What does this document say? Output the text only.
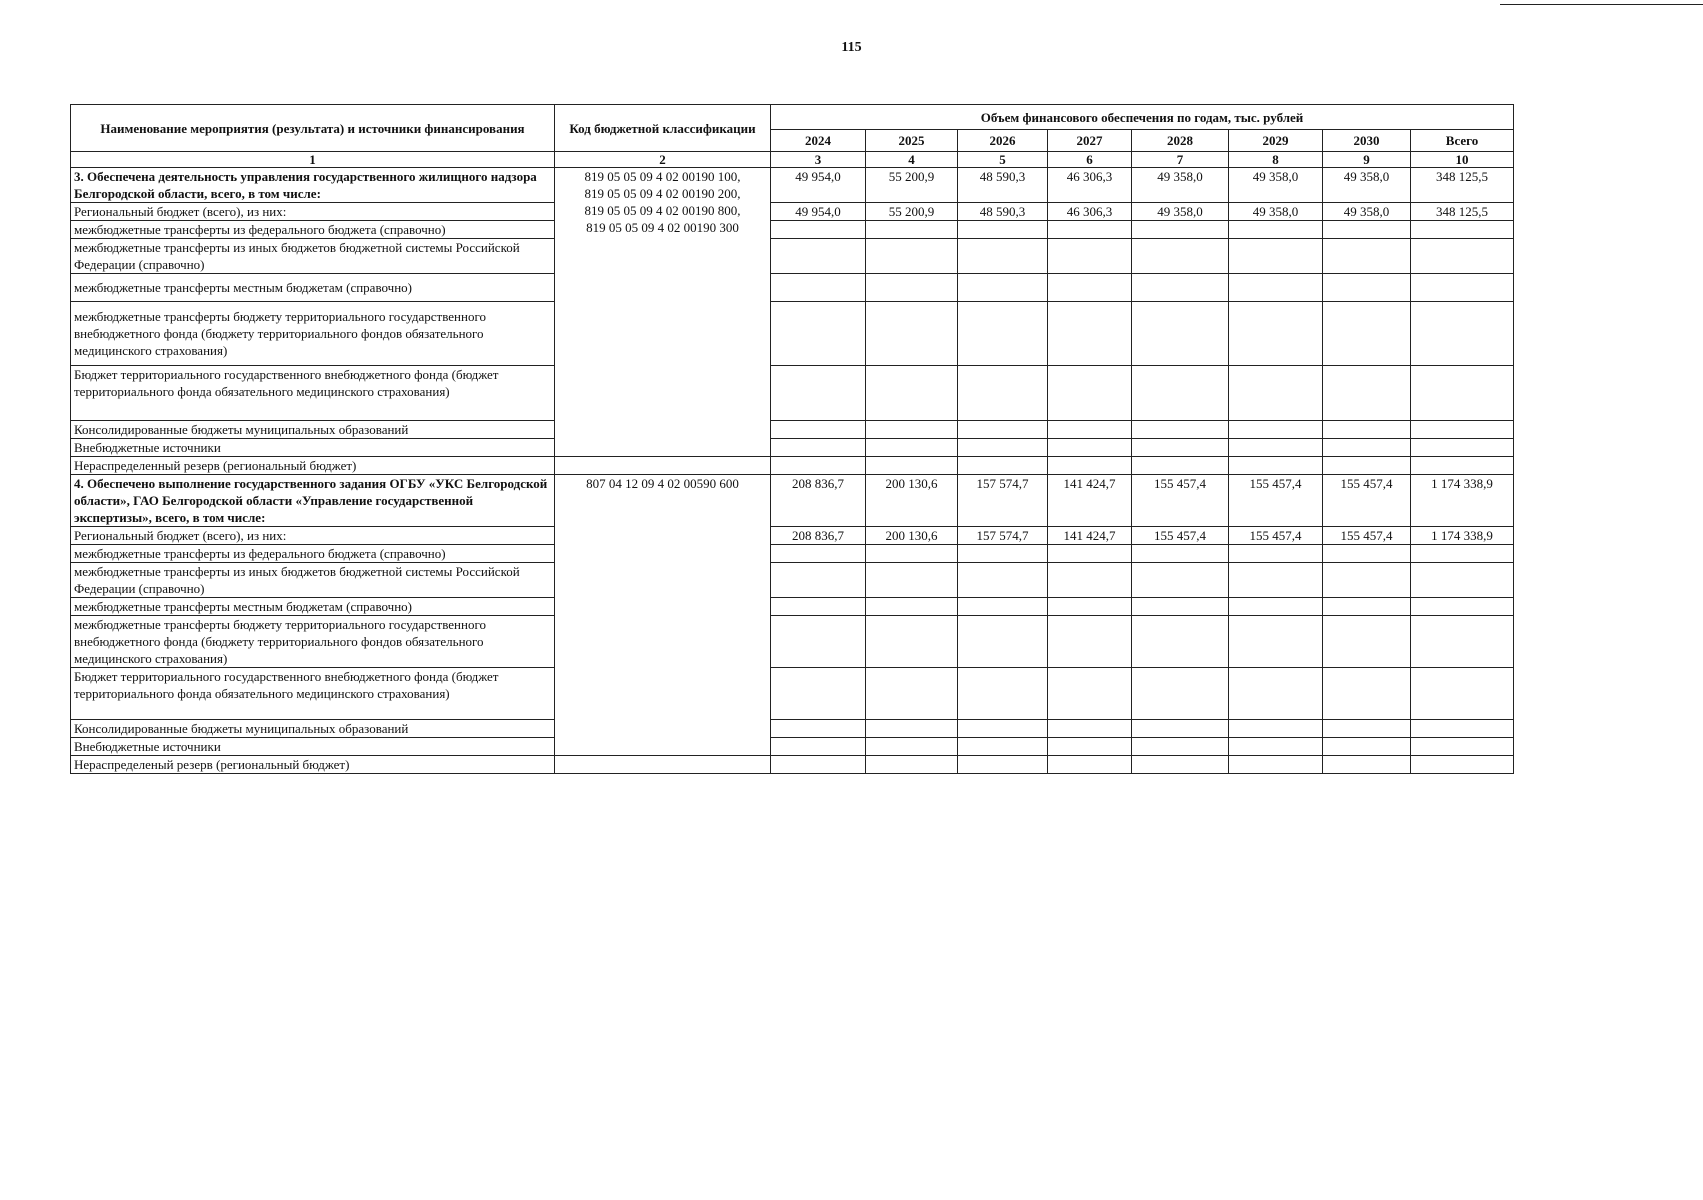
115
Наименование мероприятия (результата) и источники финансирования	Код бюджетной классификации	Объем финансового обеспечения по годам, тыс. рублей							
		2024	2025	2026	2027	2028	2029	2030	Всего
1	2	3	4	5	6	7	8	9	10
3. Обеспечена деятельность управления государственного жилищного надзора Белгородской области, всего, в том числе:	819 05 05 09 4 02 00190 100,
819 05 05 09 4 02 00190 200,
819 05 05 09 4 02 00190 800,
819 05 05 09 4 02 00190 300	49 954,0	55 200,9	48 590,3	46 306,3	49 358,0	49 358,0	49 358,0	348 125,5
Региональный бюджет (всего), из них:		49 954,0	55 200,9	48 590,3	46 306,3	49 358,0	49 358,0	49 358,0	348 125,5
межбюджетные трансферты из федерального бюджета (справочно)									
межбюджетные трансферты из иных бюджетов бюджетной системы Российской Федерации (справочно)									
межбюджетные трансферты местным бюджетам (справочно)									
межбюджетные трансферты бюджету территориального государственного внебюджетного фонда (бюджету территориального фондов обязательного медицинского страхования)									
Бюджет территориального государственного внебюджетного фонда (бюджет территориального фонда обязательного медицинского страхования)									
Консолидированные бюджеты муниципальных образований									
Внебюджетные источники									
Нераспределенный резерв (региональный бюджет)									
4. Обеспечено выполнение государственного задания ОГБУ «УКС Белгородской области», ГАО Белгородской области «Управление государственной экспертизы», всего, в том числе:	807 04 12 09 4 02 00590 600	208 836,7	200 130,6	157 574,7	141 424,7	155 457,4	155 457,4	155 457,4	1 174 338,9
Региональный бюджет (всего), из них:		208 836,7	200 130,6	157 574,7	141 424,7	155 457,4	155 457,4	155 457,4	1 174 338,9
межбюджетные трансферты из федерального бюджета (справочно)									
межбюджетные трансферты из иных бюджетов бюджетной системы Российской Федерации (справочно)									
межбюджетные трансферты местным бюджетам (справочно)									
межбюджетные трансферты бюджету территориального государственного внебюджетного фонда (бюджету территориального фондов обязательного медицинского страхования)									
Бюджет территориального государственного внебюджетного фонда (бюджет территориального фонда обязательного медицинского страхования)									
Консолидированные бюджеты муниципальных образований									
Внебюджетные источники									
Нераспределеный резерв (региональный бюджет)									
